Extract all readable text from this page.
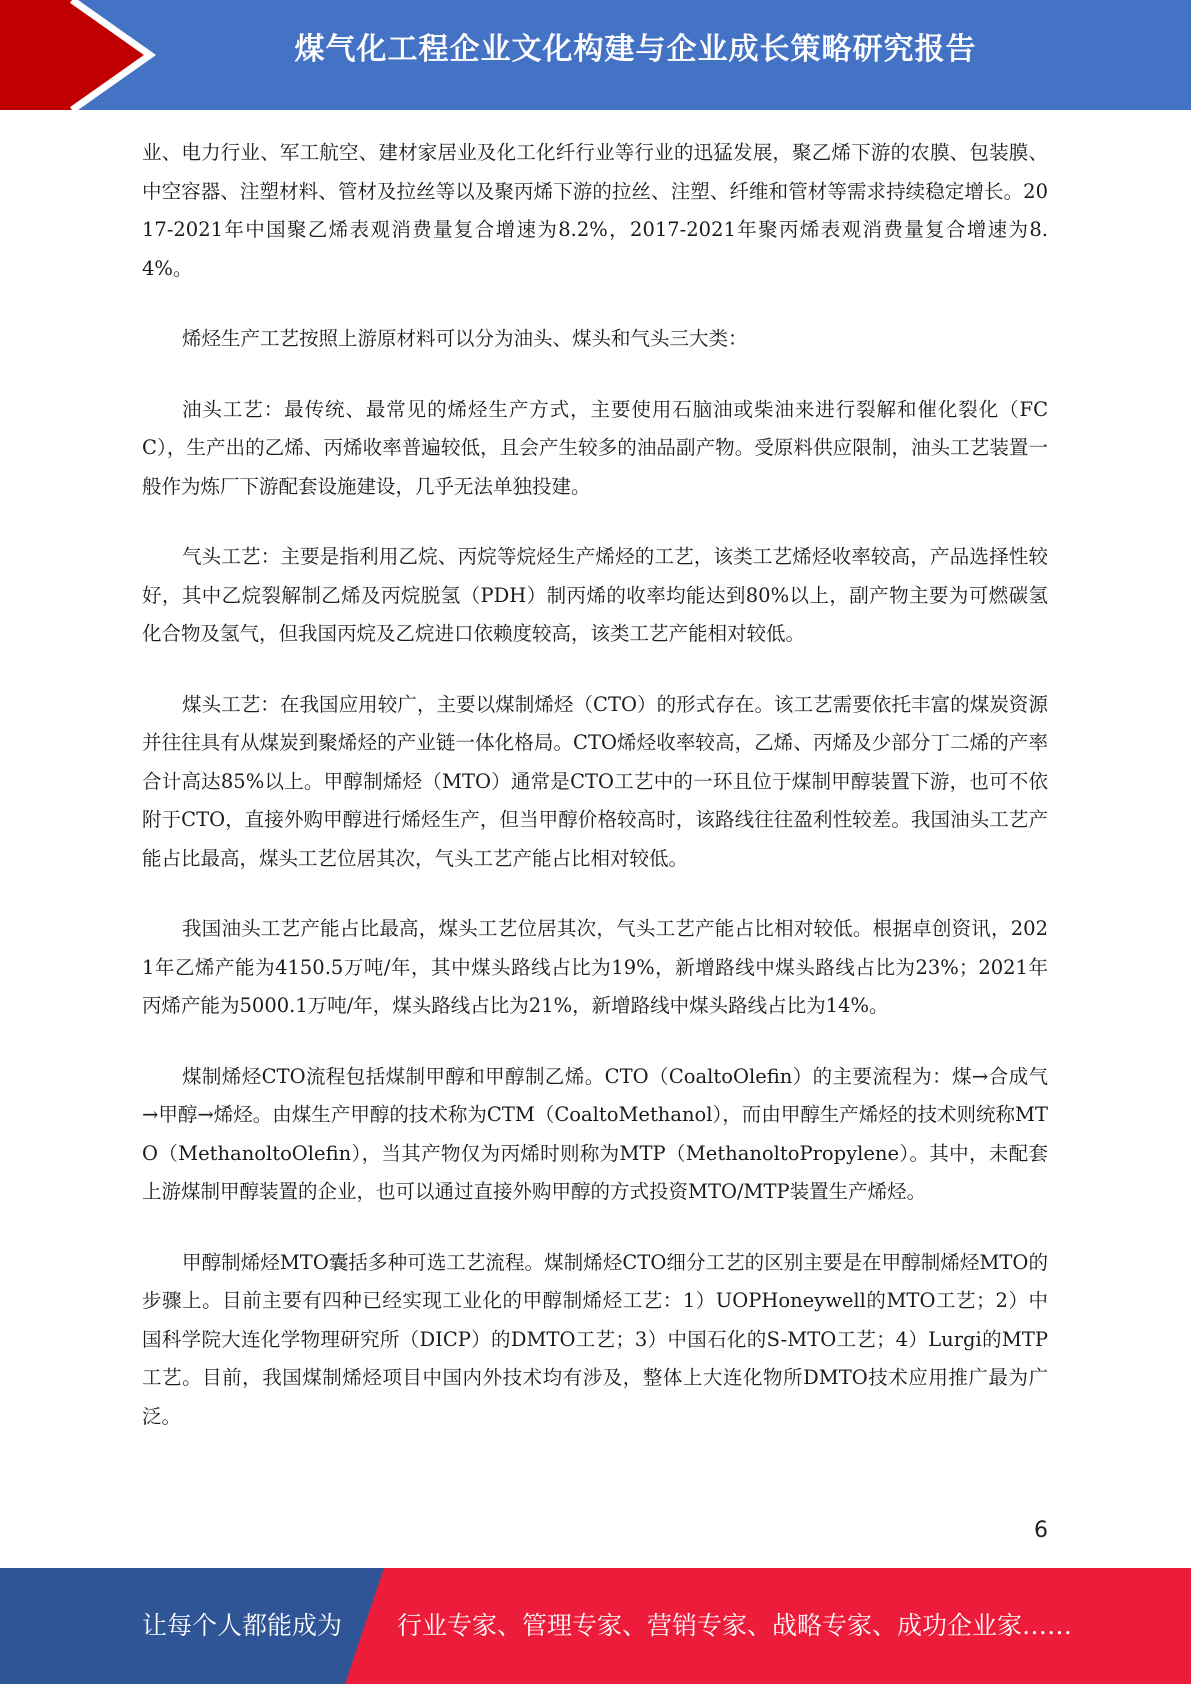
煤气化工程企业文化构建与企业成长策略研究报告

业、电力行业、军工航空、建材家居业及化工化纤行业等行业的迅猛发展，聚乙烯下游的农膜、包装膜、中空容器、注塑材料、管材及拉丝等以及聚丙烯下游的拉丝、注塑、纤维和管材等需求持续稳定增长。2017-2021年中国聚乙烯表观消费量复合增速为8.2%，2017-2021年聚丙烯表观消费量复合增速为8.4%。

烯烃生产工艺按照上游原材料可以分为油头、煤头和气头三大类：

油头工艺：最传统、最常见的烯烃生产方式，主要使用石脑油或柴油来进行裂解和催化裂化（FCC），生产出的乙烯、丙烯收率普遍较低，且会产生较多的油品副产物。受原料供应限制，油头工艺装置一般作为炼厂下游配套设施建设，几乎无法单独投建。

气头工艺：主要是指利用乙烷、丙烷等烷烃生产烯烃的工艺，该类工艺烯烃收率较高，产品选择性较好，其中乙烷裂解制乙烯及丙烷脱氢（PDH）制丙烯的收率均能达到80%以上，副产物主要为可燃碳氢化合物及氢气，但我国丙烷及乙烷进口依赖度较高，该类工艺产能相对较低。

煤头工艺：在我国应用较广，主要以煤制烯烃（CTO）的形式存在。该工艺需要依托丰富的煤炭资源并往往具有从煤炭到聚烯烃的产业链一体化格局。CTO烯烃收率较高，乙烯、丙烯及少部分丁二烯的产率合计高达85%以上。甲醇制烯烃（MTO）通常是CTO工艺中的一环且位于煤制甲醇装置下游，也可不依附于CTO，直接外购甲醇进行烯烃生产，但当甲醇价格较高时，该路线往往盈利性较差。我国油头工艺产能占比最高，煤头工艺位居其次，气头工艺产能占比相对较低。

我国油头工艺产能占比最高，煤头工艺位居其次，气头工艺产能占比相对较低。根据卓创资讯，2021年乙烯产能为4150.5万吨/年，其中煤头路线占比为19%，新增路线中煤头路线占比为23%；2021年丙烯产能为5000.1万吨/年，煤头路线占比为21%，新增路线中煤头路线占比为14%。

煤制烯烃CTO流程包括煤制甲醇和甲醇制乙烯。CTO（CoaltoOlefin）的主要流程为：煤→合成气→甲醇→烯烃。由煤生产甲醇的技术称为CTM（CoaltoMethanol），而由甲醇生产烯烃的技术则统称MTO（MethanoltoOlefin），当其产物仅为丙烯时则称为MTP（MethanoltoPropylene）。其中，未配套上游煤制甲醇装置的企业，也可以通过直接外购甲醇的方式投资MTO/MTP装置生产烯烃。

甲醇制烯烃MTO囊括多种可选工艺流程。煤制烯烃CTO细分工艺的区别主要是在甲醇制烯烃MTO的步骤上。目前主要有四种已经实现工业化的甲醇制烯烃工艺：1）UOPHoneywell的MTO工艺；2）中国科学院大连化学物理研究所（DICP）的DMTO工艺；3）中国石化的S-MTO工艺；4）Lurgi的MTP工艺。目前，我国煤制烯烃项目中国内外技术均有涉及，整体上大连化物所DMTO技术应用推广最为广泛。

6
让每个人都能成为 行业专家、管理专家、营销专家、战略专家、成功企业家……
